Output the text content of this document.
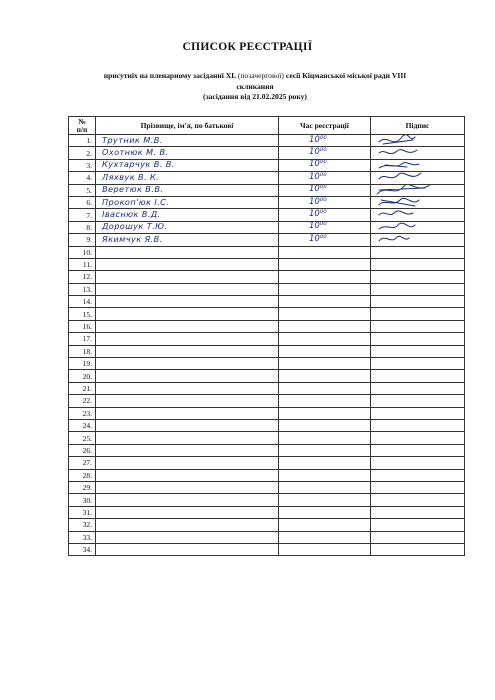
СПИСОК РЕЄСТРАЦІЇ
присутніх на пленарному засіданні XL (позачергової) сесії Кіцманської міської ради VIII
скликання
(засідання від 21.02.2025 року)
№ п/п	Прізвище, ім'я, по батькові	Час реєстрації	Підпис
1.	Трутник М.В.	10⁰⁰	

2.	Охотнюк М. В.	10⁰⁰	

3.	Кухтарчук В. В.	10⁰⁰	

4.	Ляхвук В. К.	10⁰⁰	

5.	Веретюк В.В.	10⁰⁰	

6.	Прокоп'юк І.С.	10⁰⁰	

7.	Іваснюк В.Д.	10⁰⁰	

8.	Дорошук Т.Ю.	10⁰⁰	

9.	Якимчук Я.В.	10⁰⁰	

10.			
11.			
12.			
13.			
14.			
15.			
16.			
17.			
18.			
19.			
20.			
21.			
22.			
23.			
24.			
25.			
26.			
27.			
28.			
29.			
30.			
31.			
32.			
33.			
34.			
